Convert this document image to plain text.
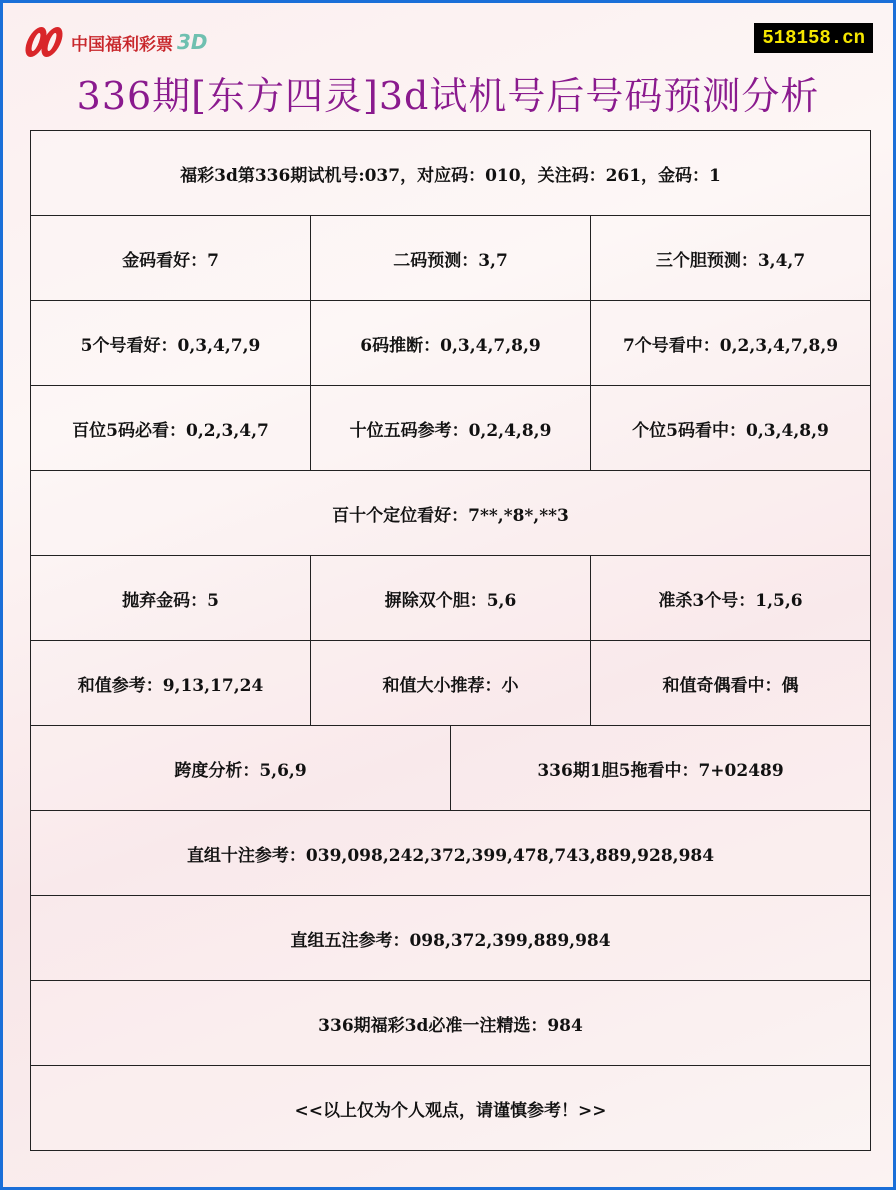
中国福利彩票 3D	518158.cn
336期[东方四灵]3d试机号后号码预测分析
福彩3d第336期试机号:037，对应码：010，关注码：261，金码：1			
金码看好：7	二码预测：3,7		三个胆预测：3,4,7
5个号看好：0,3,4,7,9	6码推断：0,3,4,7,8,9		7个号看中：0,2,3,4,7,8,9
百位5码必看：0,2,3,4,7	十位五码参考：0,2,4,8,9		个位5码看中：0,3,4,8,9
百十个定位看好：7**,*8*,**3			
抛弃金码：5	摒除双个胆：5,6		准杀3个号：1,5,6
和值参考：9,13,17,24	和值大小推荐：小		和值奇偶看中：偶
跨度分析：5,6,9		336期1胆5拖看中：7+02489	
直组十注参考：039,098,242,372,399,478,743,889,928,984			
直组五注参考：098,372,399,889,984			
336期福彩3d必准一注精选：984			
<<以上仅为个人观点，请谨慎参考！>>			
